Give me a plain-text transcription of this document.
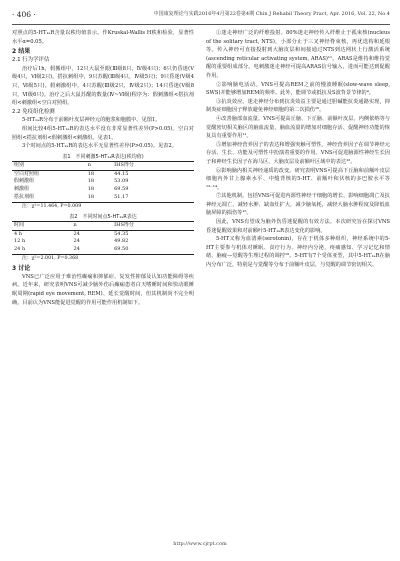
· 406 ·	中国康复理论与实践2016年4月第22卷第4期 Chin J Rehabil Theory Pract, Apr. 2016, Vol. 22, No.4

对照点的5-HT₁ₐR含量以秩均值表示。作Kruskal-Wallis H秩和检验，显著性水平α=0.05。

2 结果
2.1 行为学评估

治疗后1h，假搬组中，12只大鼠至眼(Ⅲ级8只，Ⅳ级4只)；6只仍昏迷(Ⅴ级4只，Ⅵ级2只)。搭抗刺组中，9只苏醒(Ⅲ级4只，Ⅳ级5只)；9只昏迷(Ⅴ级4只，Ⅵ级5只)。假刺激组中，4只苏醒(Ⅲ级2只，Ⅳ级2只)；14只昏迷(Ⅴ级8只，Ⅵ级6只)。治疗之后大鼠苏醒的数量(Ⅳ~Ⅵ级)程序为：假刺激组<搭抗剂组<刺激组<空白对照组。

2.2 免疫组化检测

5-HT₁ₐR分布于前额叶皮层神经元的胞浆和胞膜中。见图1。

组间比较4组5-HT₁ₐR的表达水平没有非常显著性差异(P>0.05)。空白对照组<搭抗剂组<假刺激组<刺激组。见表1。

3个时间点的5-HT₁ₐR的表达水平无显著性差异(P>0.05)。见表2。

表1　不同刺激5-HT₁ₐR表达(秩均值)
组别	n	IHS得分
空白对照组	18	44.15
假刺激组	18	53.09
刺激组	18	69.59
搭抗剂组	18	51.17

注：χ²=11.464, P=0.009

表2　不同时间点5-HT₁ₐR表达
时间	n	IHS得分
4 h	24	54.35
12 h	24	49.82
24 h	24	69.50

注：χ²=2.001, P=0.368

3 讨论

VNS已广泛应用于难治性癫痫和抑郁症、复发性抑郁及认知功能障碍等疾病。近年来，研究表明VNS可减少脑外伤后癫痫患者白天嗜睡时间和快动眼睡眠周期(rapid eye movement, REM)、延长觉醒时间，但其机制尚不完全明确。目前认为VNS能促进觉醒的作用可能作用机制如下。

①迷走神经广泛的纤维投射。80%迷走神经传入纤维止于孤束核(nucleus of the solitary tract, NTS)，小部分止于三叉神经脊束核，再优选构和延根等。传入神经可直接投射到大脑皮层和间接通过NTS到达网状上行激活系统(ascending reticular activating system, ARAS)¹¹。ARAS是维持和维持觉醒的重要组成部分。电刺激迷走神经可提高ARAS信号输入，进而可能达到促醒作用。

②影响脑电活动。VNS可提高REM之前的慢波睡眠(slow-wave sleep, SWS)并能够增加REM的频率。此外，能调节或抵抗及S波背景节律的⁴。

③抗炎效应。迷走神经分布到抗炎效益主要是通过胆碱能抗炎通路实现，抑制炎症细胞因子释放避免神经细胞的第二次损伤¹⁶。

④改善脑部血流量。VNS可提高丘脑、下丘脑、前额叶皮层、内侧依纳等与觉醒密切相关脑区的脑血流量，脑血流量的增加对细胞存活、促醒神经功能的恢复具有重要作用¹¹。

⑤增加神经营养因子的表达和增强突触可塑性。神经营养因子在调节神经元存活、生长、功能及可塑性中扮演着重要的作用。VNS可促进脑源性神经生长因子和神经生长因子在海马区、大脑皮层及前额叶区域中的表达¹²。

⑥影响脑内相关神经递质的改变。研究表明VNS可提高下丘脑和前额叶皮层细胞内外甘上腺素水平、中缝背核的5-HT、前额叶和伏核的多巴胺水平等¹³⁻¹⁴。

⑦其他机制。包括VNS可促进内源性神经干细胞的增长、影响细胞凋亡及抗神经元凋亡，减轻水肿、缺血灶扩大，减少脑氧耗，减轻大脑水肿程度及降低血脑屏障的损伤等¹⁵。

因此，VNS有望成为脑外伤昏迷促醒的有效方法。本次研究旨在探讨VNS昏迷促醒效果和对前额叶5-HT₁ₐR表达变化的影响。

5-HT又称为血清素(serotonin)，存在于机体多种组织，神经系统中的5-HT主要参与机体对睡眠、食疗行为、神经内分泌、疼痛感知、学习记忆和情绪、脑疲—觉醒等生理过程的调控¹⁶。5-HT有7个受体亚型，其中5-HT₁ₐR在脑内分布广泛，特别是与觉醒等分布于前额叶皮层，与觉醒的调节密切相关。

http://www.cjrpt.com
